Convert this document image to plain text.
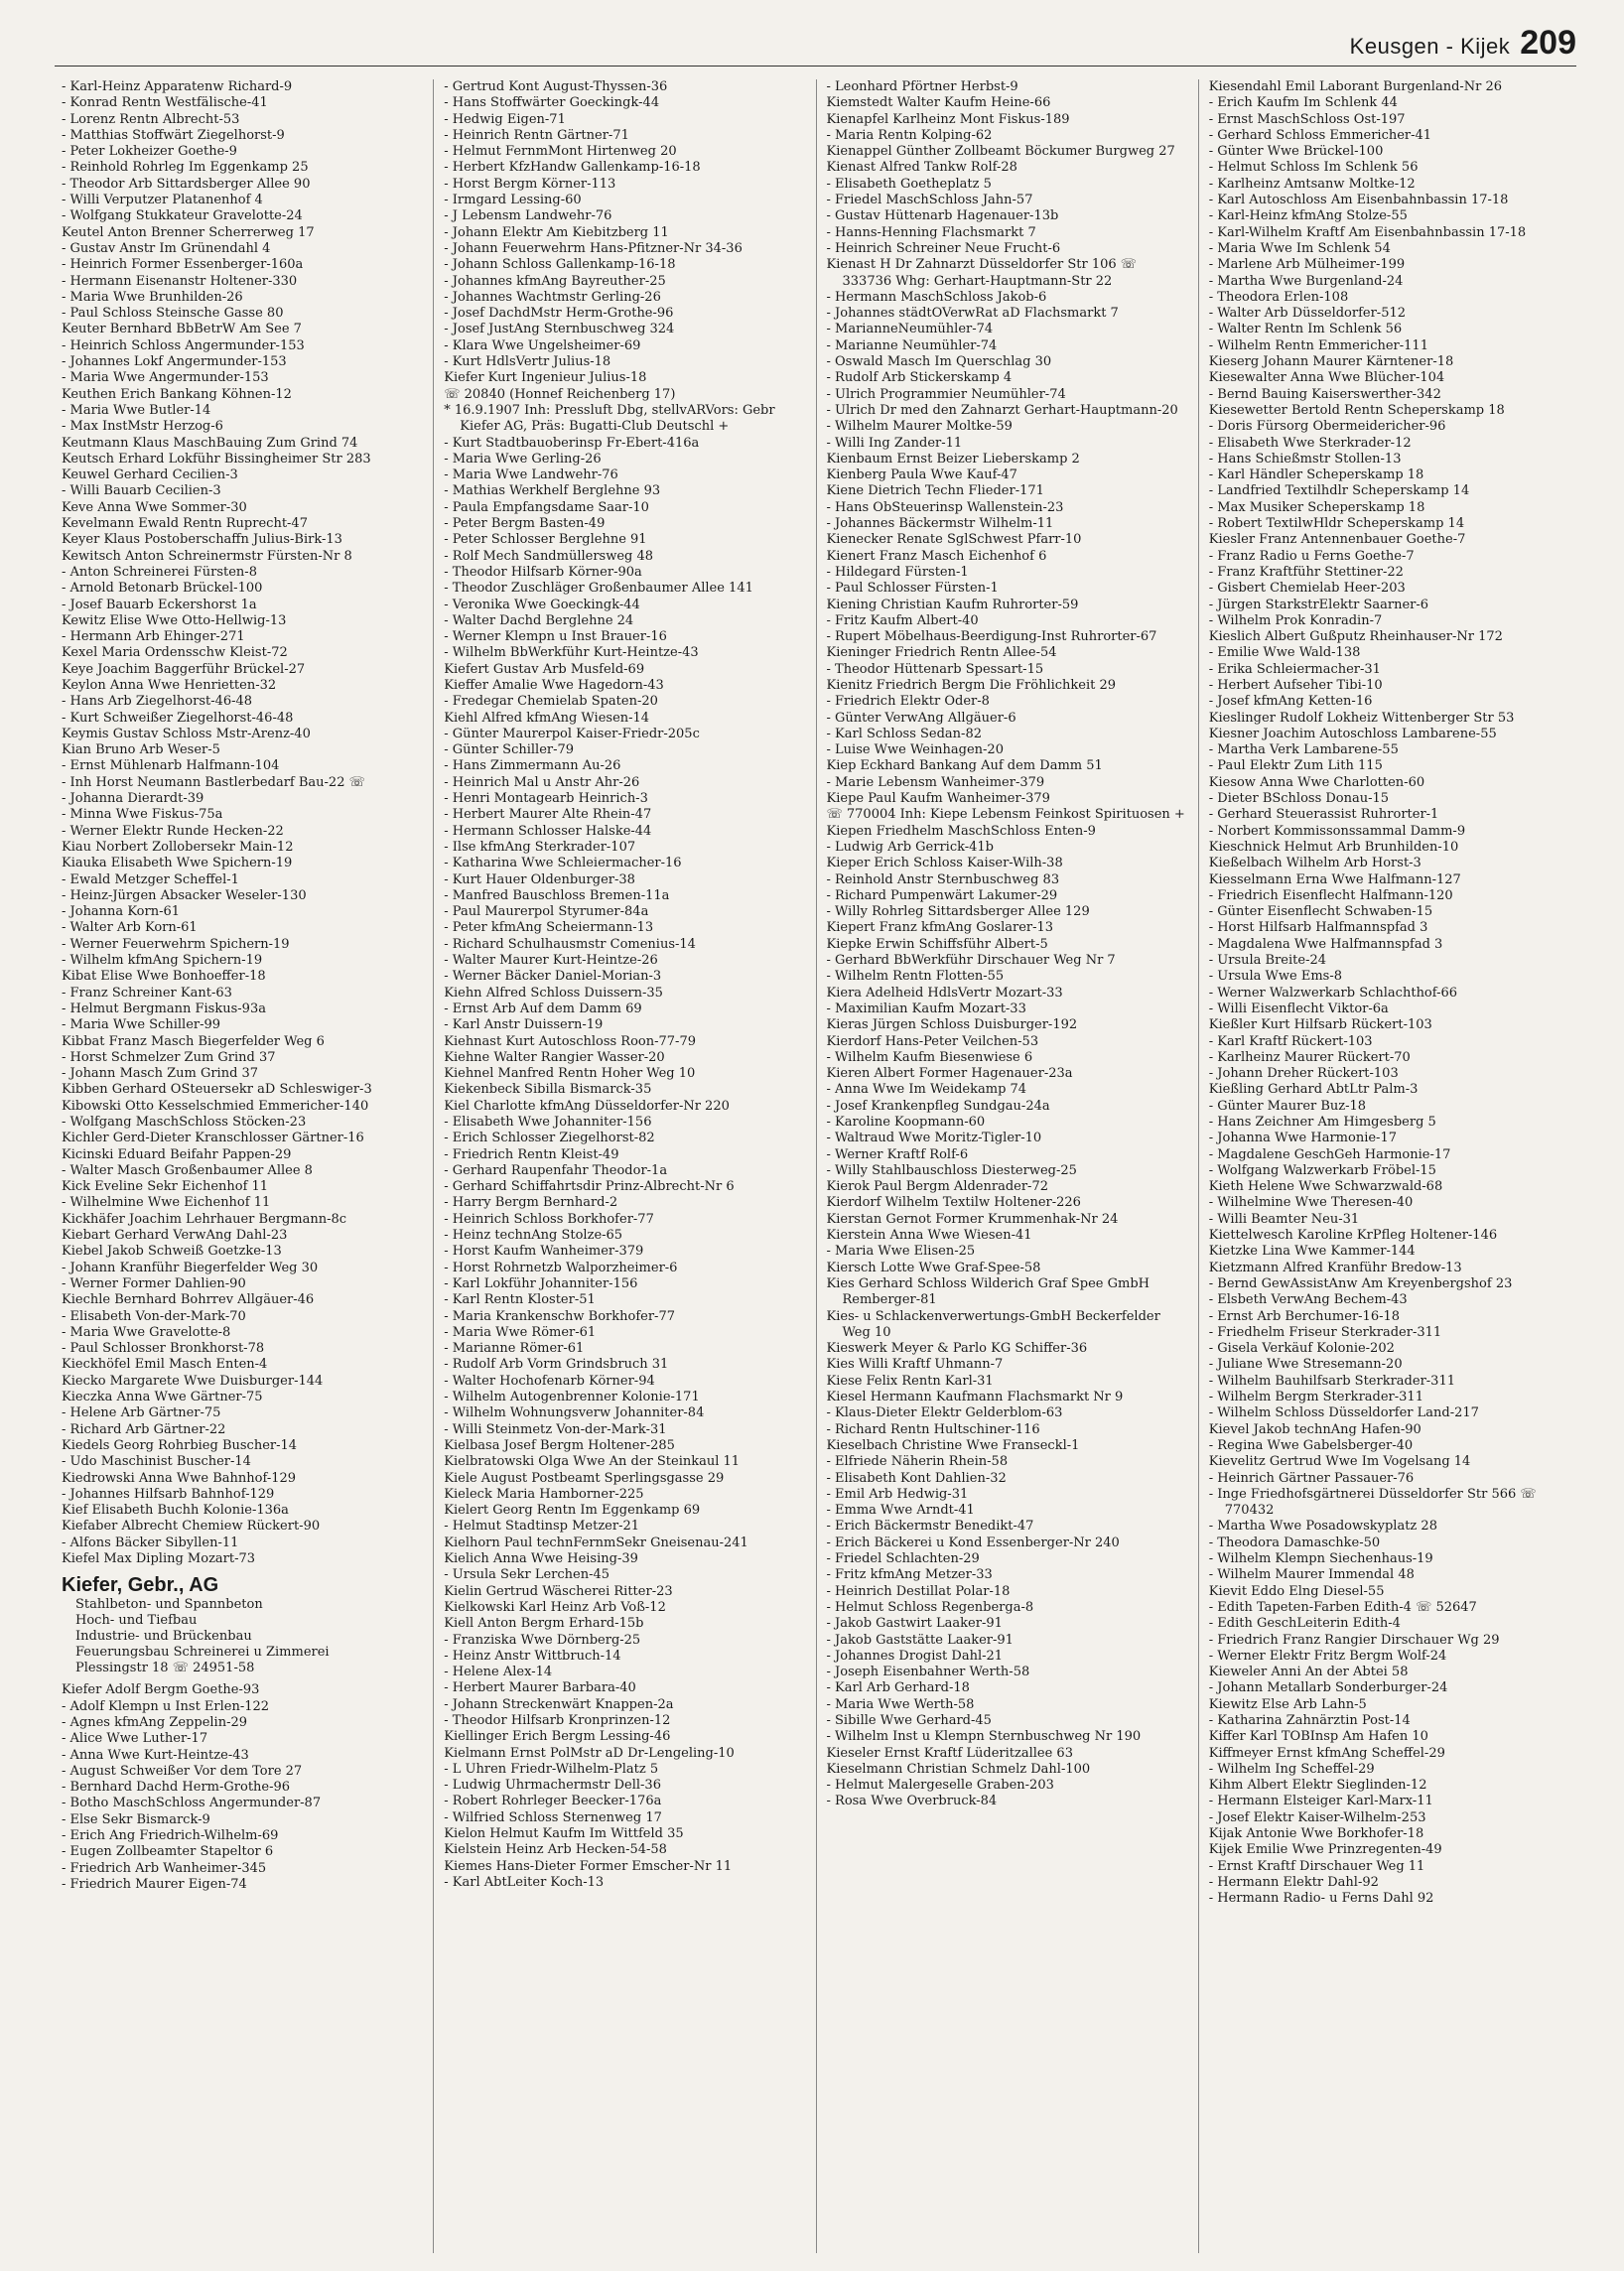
Keusgen - Kijek 209

- Karl-Heinz Apparatenw Richard-9

- Konrad Rentn Westfälische-41

- Lorenz Rentn Albrecht-53

- Matthias Stoffwärt Ziegelhorst-9

- Peter Lokheizer Goethe-9

- Reinhold Rohrleg Im Eggenkamp 25

- Theodor Arb Sittardsberger Allee 90

- Willi Verputzer Platanenhof 4

- Wolfgang Stukkateur Gravelotte-24

Keutel Anton Brenner Scherrerweg 17

- Gustav Anstr Im Grünendahl 4

- Heinrich Former Essenberger-160a

- Hermann Eisenanstr Holtener-330

- Maria Wwe Brunhilden-26

- Paul Schloss Steinsche Gasse 80

Keuter Bernhard BbBetrW Am See 7

- Heinrich Schloss Angermunder-153

- Johannes Lokf Angermunder-153

- Maria Wwe Angermunder-153

Keuthen Erich Bankang Köhnen-12

- Maria Wwe Butler-14

- Max InstMstr Herzog-6

Keutmann Klaus MaschBauing Zum Grind 74

Keutsch Erhard Lokführ Bissingheimer Str 283

Keuwel Gerhard Cecilien-3

- Willi Bauarb Cecilien-3

Keve Anna Wwe Sommer-30

Kevelmann Ewald Rentn Ruprecht-47

Keyer Klaus Postoberschaffn Julius-Birk-13

Kewitsch Anton Schreinermstr Fürsten-Nr 8

- Anton Schreinerei Fürsten-8

- Arnold Betonarb Brückel-100

- Josef Bauarb Eckershorst 1a

Kewitz Elise Wwe Otto-Hellwig-13

- Hermann Arb Ehinger-271

Kexel Maria Ordensschw Kleist-72

Keye Joachim Baggerführ Brückel-27

Keylon Anna Wwe Henrietten-32

- Hans Arb Ziegelhorst-46-48

- Kurt Schweißer Ziegelhorst-46-48

Keymis Gustav Schloss Mstr-Arenz-40

Kian Bruno Arb Weser-5

- Ernst Mühlenarb Halfmann-104

- Inh Horst Neumann Bastlerbedarf Bau-22 ☏

- Johanna Dierardt-39

- Minna Wwe Fiskus-75a

- Werner Elektr Runde Hecken-22

Kiau Norbert Zollobersekr Main-12

Kiauka Elisabeth Wwe Spichern-19

- Ewald Metzger Scheffel-1

- Heinz-Jürgen Absacker Weseler-130

- Johanna Korn-61

- Walter Arb Korn-61

- Werner Feuerwehrm Spichern-19

- Wilhelm kfmAng Spichern-19

Kibat Elise Wwe Bonhoeffer-18

- Franz Schreiner Kant-63

- Helmut Bergmann Fiskus-93a

- Maria Wwe Schiller-99

Kibbat Franz Masch Biegerfelder Weg 6

- Horst Schmelzer Zum Grind 37

- Johann Masch Zum Grind 37

Kibben Gerhard OSteuersekr aD Schleswiger-3

Kibowski Otto Kesselschmied Emmericher-140

- Wolfgang MaschSchloss Stöcken-23

Kichler Gerd-Dieter Kranschlosser Gärtner-16

Kicinski Eduard Beifahr Pappen-29

- Walter Masch Großenbaumer Allee 8

Kick Eveline Sekr Eichenhof 11

- Wilhelmine Wwe Eichenhof 11

Kickhäfer Joachim Lehrhauer Bergmann-8c

Kiebart Gerhard VerwAng Dahl-23

Kiebel Jakob Schweiß Goetzke-13

- Johann Kranführ Biegerfelder Weg 30

- Werner Former Dahlien-90

Kiechle Bernhard Bohrrev Allgäuer-46

- Elisabeth Von-der-Mark-70

- Maria Wwe Gravelotte-8

- Paul Schlosser Bronkhorst-78

Kieckhöfel Emil Masch Enten-4

Kiecko Margarete Wwe Duisburger-144

Kieczka Anna Wwe Gärtner-75

- Helene Arb Gärtner-75

- Richard Arb Gärtner-22

Kiedels Georg Rohrbieg Buscher-14

- Udo Maschinist Buscher-14

Kiedrowski Anna Wwe Bahnhof-129

- Johannes Hilfsarb Bahnhof-129

Kief Elisabeth Buchh Kolonie-136a

Kiefaber Albrecht Chemiew Rückert-90

- Alfons Bäcker Sibyllen-11

Kiefel Max Dipling Mozart-73

Kiefer, Gebr., AG
Stahlbeton- und Spannbeton
Hoch- und Tiefbau
Industrie- und Brückenbau
Feuerungsbau Schreinerei u Zimmerei
Plessingstr 18 ☏ 24951-58

Kiefer Adolf Bergm Goethe-93

- Adolf Klempn u Inst Erlen-122

- Agnes kfmAng Zeppelin-29

- Alice Wwe Luther-17

- Anna Wwe Kurt-Heintze-43

- August Schweißer Vor dem Tore 27

- Bernhard Dachd Herm-Grothe-96

- Botho MaschSchloss Angermunder-87

- Else Sekr Bismarck-9

- Erich Ang Friedrich-Wilhelm-69

- Eugen Zollbeamter Stapeltor 6

- Friedrich Arb Wanheimer-345

- Friedrich Maurer Eigen-74

- Gertrud Kont August-Thyssen-36

- Hans Stoffwärter Goeckingk-44

- Hedwig Eigen-71

- Heinrich Rentn Gärtner-71

- Helmut FernmMont Hirtenweg 20

- Herbert KfzHandw Gallenkamp-16-18

- Horst Bergm Körner-113

- Irmgard Lessing-60

- J Lebensm Landwehr-76

- Johann Elektr Am Kiebitzberg 11

- Johann Feuerwehrm Hans-Pfitzner-Nr 34-36

- Johann Schloss Gallenkamp-16-18

- Johannes kfmAng Bayreuther-25

- Johannes Wachtmstr Gerling-26

- Josef DachdMstr Herm-Grothe-96

- Josef JustAng Sternbuschweg 324

- Klara Wwe Ungelsheimer-69

- Kurt HdlsVertr Julius-18

Kiefer Kurt Ingenieur Julius-18

☏ 20840 (Honnef Reichenberg 17)

* 16.9.1907 Inh: Pressluft Dbg, stellvARVors: Gebr Kiefer AG, Präs: Bugatti-Club Deutschl +

- Kurt Stadtbauoberinsp Fr-Ebert-416a

- Maria Wwe Gerling-26

- Maria Wwe Landwehr-76

- Mathias Werkhelf Berglehne 93

- Paula Empfangsdame Saar-10

- Peter Bergm Basten-49

- Peter Schlosser Berglehne 91

- Rolf Mech Sandmüllersweg 48

- Theodor Hilfsarb Körner-90a

- Theodor Zuschläger Großenbaumer Allee 141

- Veronika Wwe Goeckingk-44

- Walter Dachd Berglehne 24

- Werner Klempn u Inst Brauer-16

- Wilhelm BbWerkführ Kurt-Heintze-43

Kiefert Gustav Arb Musfeld-69

Kieffer Amalie Wwe Hagedorn-43

- Fredegar Chemielab Spaten-20

Kiehl Alfred kfmAng Wiesen-14

- Günter Maurerpol Kaiser-Friedr-205c

- Günter Schiller-79

- Hans Zimmermann Au-26

- Heinrich Mal u Anstr Ahr-26

- Henri Montagearb Heinrich-3

- Herbert Maurer Alte Rhein-47

- Hermann Schlosser Halske-44

- Ilse kfmAng Sterkrader-107

- Katharina Wwe Schleiermacher-16

- Kurt Hauer Oldenburger-38

- Manfred Bauschloss Bremen-11a

- Paul Maurerpol Styrumer-84a

- Peter kfmAng Scheiermann-13

- Richard Schulhausmstr Comenius-14

- Walter Maurer Kurt-Heintze-26

- Werner Bäcker Daniel-Morian-3

Kiehn Alfred Schloss Duissern-35

- Ernst Arb Auf dem Damm 69

- Karl Anstr Duissern-19

Kiehnast Kurt Autoschloss Roon-77-79

Kiehne Walter Rangier Wasser-20

Kiehnel Manfred Rentn Hoher Weg 10

Kiekenbeck Sibilla Bismarck-35

Kiel Charlotte kfmAng Düsseldorfer-Nr 220

- Elisabeth Wwe Johanniter-156

- Erich Schlosser Ziegelhorst-82

- Friedrich Rentn Kleist-49

- Gerhard Raupenfahr Theodor-1a

- Gerhard Schiffahrtsdir Prinz-Albrecht-Nr 6

- Harry Bergm Bernhard-2

- Heinrich Schloss Borkhofer-77

- Heinz technAng Stolze-65

- Horst Kaufm Wanheimer-379

- Horst Rohrnetzb Walporzheimer-6

- Karl Lokführ Johanniter-156

- Karl Rentn Kloster-51

- Maria Krankenschw Borkhofer-77

- Maria Wwe Römer-61

- Marianne Römer-61

- Rudolf Arb Vorm Grindsbruch 31

- Walter Hochofenarb Körner-94

- Wilhelm Autogenbrenner Kolonie-171

- Wilhelm Wohnungsverw Johanniter-84

- Willi Steinmetz Von-der-Mark-31

Kielbasa Josef Bergm Holtener-285

Kielbratowski Olga Wwe An der Steinkaul 11

Kiele August Postbeamt Sperlingsgasse 29

Kieleck Maria Hamborner-225

Kielert Georg Rentn Im Eggenkamp 69

- Helmut Stadtinsp Metzer-21

Kielhorn Paul technFernmSekr Gneisenau-241

Kielich Anna Wwe Heising-39

- Ursula Sekr Lerchen-45

Kielin Gertrud Wäscherei Ritter-23

Kielkowski Karl Heinz Arb Voß-12

Kiell Anton Bergm Erhard-15b

- Franziska Wwe Dörnberg-25

- Heinz Anstr Wittbruch-14

- Helene Alex-14

- Herbert Maurer Barbara-40

- Johann Streckenwärt Knappen-2a

- Theodor Hilfsarb Kronprinzen-12

Kiellinger Erich Bergm Lessing-46

Kielmann Ernst PolMstr aD Dr-Lengeling-10

- L Uhren Friedr-Wilhelm-Platz 5

- Ludwig Uhrmachermstr Dell-36

- Robert Rohrleger Beecker-176a

- Wilfried Schloss Sternenweg 17

Kielon Helmut Kaufm Im Wittfeld 35

Kielstein Heinz Arb Hecken-54-58

Kiemes Hans-Dieter Former Emscher-Nr 11

- Karl AbtLeiter Koch-13

- Leonhard Pförtner Herbst-9

Kiemstedt Walter Kaufm Heine-66

Kienapfel Karlheinz Mont Fiskus-189

- Maria Rentn Kolping-62

Kienappel Günther Zollbeamt Böckumer Burgweg 27

Kienast Alfred Tankw Rolf-28

- Elisabeth Goetheplatz 5

- Friedel MaschSchloss Jahn-57

- Gustav Hüttenarb Hagenauer-13b

- Hanns-Henning Flachsmarkt 7

- Heinrich Schreiner Neue Frucht-6

Kienast H Dr Zahnarzt Düsseldorfer Str 106 ☏ 333736 Whg: Gerhart-Hauptmann-Str 22

- Hermann MaschSchloss Jakob-6

- Johannes städtOVerwRat aD Flachsmarkt 7

- MarianneNeumühler-74

- Marianne Neumühler-74

- Oswald Masch Im Querschlag 30

- Rudolf Arb Stickerskamp 4

- Ulrich Programmier Neumühler-74

- Ulrich Dr med den Zahnarzt Gerhart-Hauptmann-20

- Wilhelm Maurer Moltke-59

- Willi Ing Zander-11

Kienbaum Ernst Beizer Lieberskamp 2

Kienberg Paula Wwe Kauf-47

Kiene Dietrich Techn Flieder-171

- Hans ObSteuerinsp Wallenstein-23

- Johannes Bäckermstr Wilhelm-11

Kienecker Renate SglSchwest Pfarr-10

Kienert Franz Masch Eichenhof 6

- Hildegard Fürsten-1

- Paul Schlosser Fürsten-1

Kiening Christian Kaufm Ruhrorter-59

- Fritz Kaufm Albert-40

- Rupert Möbelhaus-Beerdigung-Inst Ruhrorter-67

Kieninger Friedrich Rentn Allee-54

- Theodor Hüttenarb Spessart-15

Kienitz Friedrich Bergm Die Fröhlichkeit 29

- Friedrich Elektr Oder-8

- Günter VerwAng Allgäuer-6

- Karl Schloss Sedan-82

- Luise Wwe Weinhagen-20

Kiep Eckhard Bankang Auf dem Damm 51

- Marie Lebensm Wanheimer-379

Kiepe Paul Kaufm Wanheimer-379

☏ 770004 Inh: Kiepe Lebensm Feinkost Spirituosen +

Kiepen Friedhelm MaschSchloss Enten-9

- Ludwig Arb Gerrick-41b

Kieper Erich Schloss Kaiser-Wilh-38

- Reinhold Anstr Sternbuschweg 83

- Richard Pumpenwärt Lakumer-29

- Willy Rohrleg Sittardsberger Allee 129

Kiepert Franz kfmAng Goslarer-13

Kiepke Erwin Schiffsführ Albert-5

- Gerhard BbWerkführ Dirschauer Weg Nr 7

- Wilhelm Rentn Flotten-55

Kiera Adelheid HdlsVertr Mozart-33

- Maximilian Kaufm Mozart-33

Kieras Jürgen Schloss Duisburger-192

Kierdorf Hans-Peter Veilchen-53

- Wilhelm Kaufm Biesenwiese 6

Kieren Albert Former Hagenauer-23a

- Anna Wwe Im Weidekamp 74

- Josef Krankenpfleg Sundgau-24a

- Karoline Koopmann-60

- Waltraud Wwe Moritz-Tigler-10

- Werner Kraftf Rolf-6

- Willy Stahlbauschloss Diesterweg-25

Kierok Paul Bergm Aldenrader-72

Kierdorf Wilhelm Textilw Holtener-226

Kierstan Gernot Former Krummenhak-Nr 24

Kierstein Anna Wwe Wiesen-41

- Maria Wwe Elisen-25

Kiersch Lotte Wwe Graf-Spee-58

Kies Gerhard Schloss Wilderich Graf Spee GmbH Remberger-81

Kies- u Schlackenverwertungs-GmbH Beckerfelder Weg 10

Kieswerk Meyer & Parlo KG Schiffer-36

Kies Willi Kraftf Uhmann-7

Kiese Felix Rentn Karl-31

Kiesel Hermann Kaufmann Flachsmarkt Nr 9

- Klaus-Dieter Elektr Gelderblom-63

- Richard Rentn Hultschiner-116

Kieselbach Christine Wwe Franseckl-1

- Elfriede Näherin Rhein-58

- Elisabeth Kont Dahlien-32

- Emil Arb Hedwig-31

- Emma Wwe Arndt-41

- Erich Bäckermstr Benedikt-47

- Erich Bäckerei u Kond Essenberger-Nr 240

- Friedel Schlachten-29

- Fritz kfmAng Metzer-33

- Heinrich Destillat Polar-18

- Helmut Schloss Regenberga-8

- Jakob Gastwirt Laaker-91

- Jakob Gaststätte Laaker-91

- Johannes Drogist Dahl-21

- Joseph Eisenbahner Werth-58

- Karl Arb Gerhard-18

- Maria Wwe Werth-58

- Sibille Wwe Gerhard-45

- Wilhelm Inst u Klempn Sternbuschweg Nr 190

Kieseler Ernst Kraftf Lüderitzallee 63

Kieselmann Christian Schmelz Dahl-100

- Helmut Malergeselle Graben-203

- Rosa Wwe Overbruck-84

Kiesendahl Emil Laborant Burgenland-Nr 26

- Erich Kaufm Im Schlenk 44

- Ernst MaschSchloss Ost-197

- Gerhard Schloss Emmericher-41

- Günter Wwe Brückel-100

- Helmut Schloss Im Schlenk 56

- Karlheinz Amtsanw Moltke-12

- Karl Autoschloss Am Eisenbahnbassin 17-18

- Karl-Heinz kfmAng Stolze-55

- Karl-Wilhelm Kraftf Am Eisenbahnbassin 17-18

- Maria Wwe Im Schlenk 54

- Marlene Arb Mülheimer-199

- Martha Wwe Burgenland-24

- Theodora Erlen-108

- Walter Arb Düsseldorfer-512

- Walter Rentn Im Schlenk 56

- Wilhelm Rentn Emmericher-111

Kieserg Johann Maurer Kärntener-18

Kiesewalter Anna Wwe Blücher-104

- Bernd Bauing Kaiserswerther-342

Kiesewetter Bertold Rentn Scheperskamp 18

- Doris Fürsorg Obermeidericher-96

- Elisabeth Wwe Sterkrader-12

- Hans Schießmstr Stollen-13

- Karl Händler Scheperskamp 18

- Landfried Textilhdlr Scheperskamp 14

- Max Musiker Scheperskamp 18

- Robert TextilwHldr Scheperskamp 14

Kiesler Franz Antennenbauer Goethe-7

- Franz Radio u Ferns Goethe-7

- Franz Kraftführ Stettiner-22

- Gisbert Chemielab Heer-203

- Jürgen StarkstrElektr Saarner-6

- Wilhelm Prok Konradin-7

Kieslich Albert Gußputz Rheinhauser-Nr 172

- Emilie Wwe Wald-138

- Erika Schleiermacher-31

- Herbert Aufseher Tibi-10

- Josef kfmAng Ketten-16

Kieslinger Rudolf Lokheiz Wittenberger Str 53

Kiesner Joachim Autoschloss Lambarene-55

- Martha Verk Lambarene-55

- Paul Elektr Zum Lith 115

Kiesow Anna Wwe Charlotten-60

- Dieter BSchloss Donau-15

- Gerhard Steuerassist Ruhrorter-1

- Norbert Kommissonssammal Damm-9

Kieschnick Helmut Arb Brunhilden-10

Kießelbach Wilhelm Arb Horst-3

Kiesselmann Erna Wwe Halfmann-127

- Friedrich Eisenflecht Halfmann-120

- Günter Eisenflecht Schwaben-15

- Horst Hilfsarb Halfmannspfad 3

- Magdalena Wwe Halfmannspfad 3

- Ursula Breite-24

- Ursula Wwe Ems-8

- Werner Walzwerkarb Schlachthof-66

- Willi Eisenflecht Viktor-6a

Kießler Kurt Hilfsarb Rückert-103

- Karl Kraftf Rückert-103

- Karlheinz Maurer Rückert-70

- Johann Dreher Rückert-103

Kießling Gerhard AbtLtr Palm-3

- Günter Maurer Buz-18

- Hans Zeichner Am Himgesberg 5

- Johanna Wwe Harmonie-17

- Magdalene GeschGeh Harmonie-17

- Wolfgang Walzwerkarb Fröbel-15

Kieth Helene Wwe Schwarzwald-68

- Wilhelmine Wwe Theresen-40

- Willi Beamter Neu-31

Kiettelwesch Karoline KrPfleg Holtener-146

Kietzke Lina Wwe Kammer-144

Kietzmann Alfred Kranführ Bredow-13

- Bernd GewAssistAnw Am Kreyenbergshof 23

- Elsbeth VerwAng Bechem-43

- Ernst Arb Berchumer-16-18

- Friedhelm Friseur Sterkrader-311

- Gisela Verkäuf Kolonie-202

- Juliane Wwe Stresemann-20

- Wilhelm Bauhilfsarb Sterkrader-311

- Wilhelm Bergm Sterkrader-311

- Wilhelm Schloss Düsseldorfer Land-217

Kievel Jakob technAng Hafen-90

- Regina Wwe Gabelsberger-40

Kievelitz Gertrud Wwe Im Vogelsang 14

- Heinrich Gärtner Passauer-76

- Inge Friedhofsgärtnerei Düsseldorfer Str 566 ☏ 770432

- Martha Wwe Posadowskyplatz 28

- Theodora Damaschke-50

- Wilhelm Klempn Siechenhaus-19

- Wilhelm Maurer Immendal 48

Kievit Eddo Elng Diesel-55

- Edith Tapeten-Farben Edith-4 ☏ 52647

- Edith GeschLeiterin Edith-4

- Friedrich Franz Rangier Dirschauer Wg 29

- Werner Elektr Fritz Bergm Wolf-24

Kieweler Anni An der Abtei 58

- Johann Metallarb Sonderburger-24

Kiewitz Else Arb Lahn-5

- Katharina Zahnärztin Post-14

Kiffer Karl TOBInsp Am Hafen 10

Kiffmeyer Ernst kfmAng Scheffel-29

- Wilhelm Ing Scheffel-29

Kihm Albert Elektr Sieglinden-12

- Hermann Elsteiger Karl-Marx-11

- Josef Elektr Kaiser-Wilhelm-253

Kijak Antonie Wwe Borkhofer-18

Kijek Emilie Wwe Prinzregenten-49

- Ernst Kraftf Dirschauer Weg 11

- Hermann Elektr Dahl-92

- Hermann Radio- u Ferns Dahl 92
